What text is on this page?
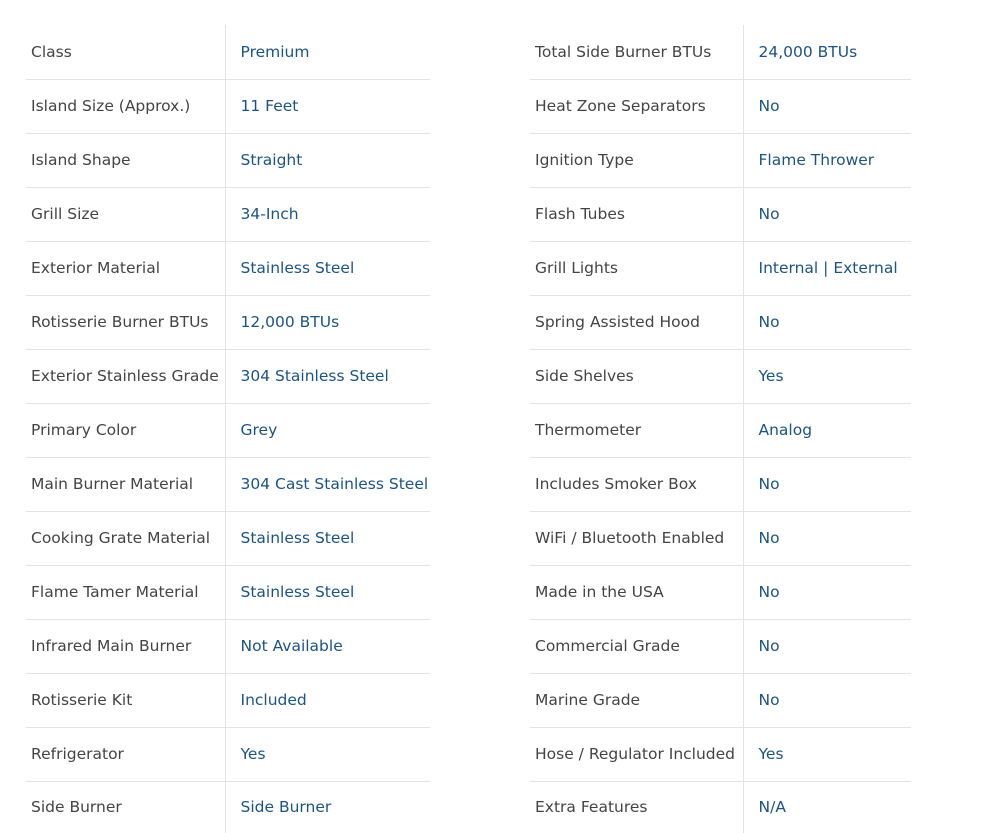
Class	Premium
Island Size (Approx.)	11 Feet
Island Shape	Straight
Grill Size	34-Inch
Exterior Material	Stainless Steel
Rotisserie Burner BTUs	12,000 BTUs
Exterior Stainless Grade	304 Stainless Steel
Primary Color	Grey
Main Burner Material	304 Cast Stainless Steel
Cooking Grate Material	Stainless Steel
Flame Tamer Material	Stainless Steel
Infrared Main Burner	Not Available
Rotisserie Kit	Included
Refrigerator	Yes
Side Burner	Side Burner
Total Side Burner BTUs	24,000 BTUs
Heat Zone Separators	No
Ignition Type	Flame Thrower
Flash Tubes	No
Grill Lights	Internal | External
Spring Assisted Hood	No
Side Shelves	Yes
Thermometer	Analog
Includes Smoker Box	No
WiFi / Bluetooth Enabled	No
Made in the USA	No
Commercial Grade	No
Marine Grade	No
Hose / Regulator Included	Yes
Extra Features	N/A
